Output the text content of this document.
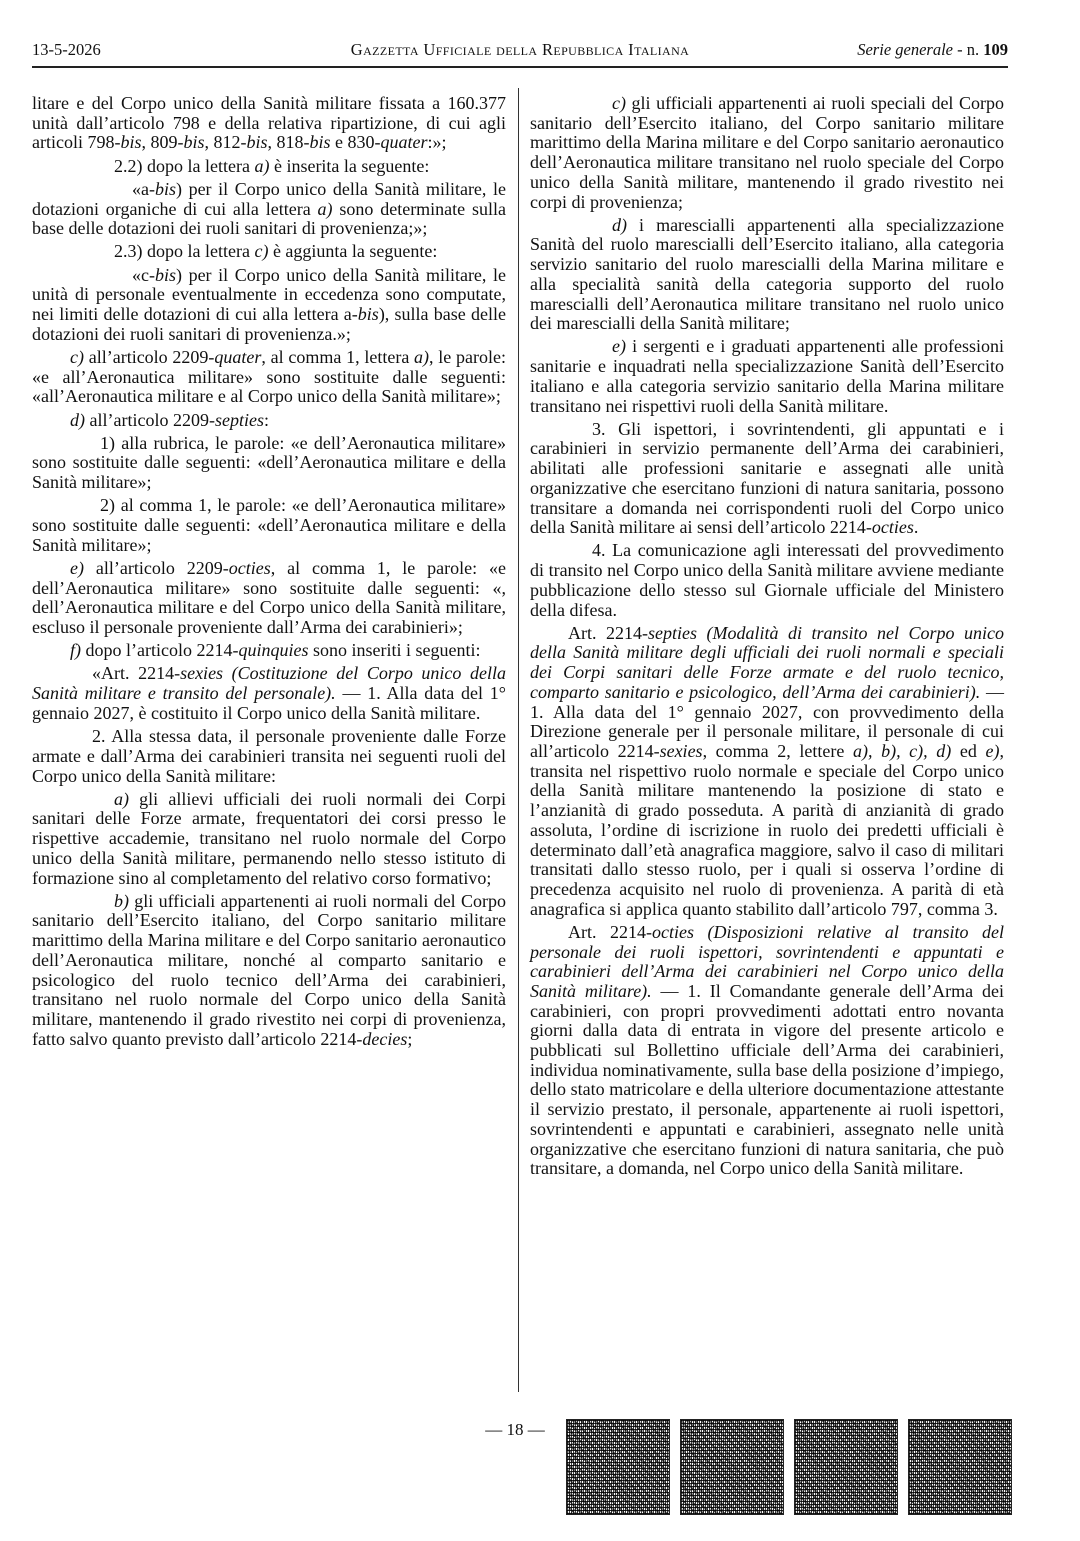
13-5-2026	Gazzetta Ufficiale della Repubblica Italiana	Serie generale - n. 109

litare e del Corpo unico della Sanità militare fissata a 160.377 unità dall’articolo 798 e della relativa ripartizione, di cui agli articoli 798-bis, 809-bis, 812-bis, 818-bis e 830-quater:»;

2.2) dopo la lettera a) è inserita la seguente:

«a-bis) per il Corpo unico della Sanità militare, le dotazioni organiche di cui alla lettera a) sono determinate sulla base delle dotazioni dei ruoli sanitari di provenienza;»;

2.3) dopo la lettera c) è aggiunta la seguente:

«c-bis) per il Corpo unico della Sanità militare, le unità di personale eventualmente in eccedenza sono computate, nei limiti delle dotazioni di cui alla lettera a-bis), sulla base delle dotazioni dei ruoli sanitari di provenienza.»;

c) all’articolo 2209-quater, al comma 1, lettera a), le parole: «e all’Aeronautica militare» sono sostituite dalle seguenti: «all’Aeronautica militare e al Corpo unico della Sanità militare»;

d) all’articolo 2209-septies:

1) alla rubrica, le parole: «e dell’Aeronautica militare» sono sostituite dalle seguenti: «dell’Aeronautica militare e della Sanità militare»;

2) al comma 1, le parole: «e dell’Aeronautica militare» sono sostituite dalle seguenti: «dell’Aeronautica militare e della Sanità militare»;

e) all’articolo 2209-octies, al comma 1, le parole: «e dell’Aeronautica militare» sono sostituite dalle seguenti: «, dell’Aeronautica militare e del Corpo unico della Sanità militare, escluso il personale proveniente dall’Arma dei carabinieri»;

f) dopo l’articolo 2214-quinquies sono inseriti i seguenti:

«Art. 2214-sexies (Costituzione del Corpo unico della Sanità militare e transito del personale). — 1. Alla data del 1° gennaio 2027, è costituito il Corpo unico della Sanità militare.

2. Alla stessa data, il personale proveniente dalle Forze armate e dall’Arma dei carabinieri transita nei seguenti ruoli del Corpo unico della Sanità militare:

a) gli allievi ufficiali dei ruoli normali dei Corpi sanitari delle Forze armate, frequentatori dei corsi presso le rispettive accademie, transitano nel ruolo normale del Corpo unico della Sanità militare, permanendo nello stesso istituto di formazione sino al completamento del relativo corso formativo;

b) gli ufficiali appartenenti ai ruoli normali del Corpo sanitario dell’Esercito italiano, del Corpo sanitario militare marittimo della Marina militare e del Corpo sanitario aeronautico dell’Aeronautica militare, nonché al comparto sanitario e psicologico del ruolo tecnico dell’Arma dei carabinieri, transitano nel ruolo normale del Corpo unico della Sanità militare, mantenendo il grado rivestito nei corpi di provenienza, fatto salvo quanto previsto dall’articolo 2214-decies;

c) gli ufficiali appartenenti ai ruoli speciali del Corpo sanitario dell’Esercito italiano, del Corpo sanitario militare marittimo della Marina militare e del Corpo sanitario aeronautico dell’Aeronautica militare transitano nel ruolo speciale del Corpo unico della Sanità militare, mantenendo il grado rivestito nei corpi di provenienza;

d) i marescialli appartenenti alla specializzazione Sanità del ruolo marescialli dell’Esercito italiano, alla categoria servizio sanitario del ruolo marescialli della Marina militare e alla specialità sanità della categoria supporto del ruolo marescialli dell’Aeronautica militare transitano nel ruolo unico dei marescialli della Sanità militare;

e) i sergenti e i graduati appartenenti alle professioni sanitarie e inquadrati nella specializzazione Sanità dell’Esercito italiano e alla categoria servizio sanitario della Marina militare transitano nei rispettivi ruoli della Sanità militare.

3. Gli ispettori, i sovrintendenti, gli appuntati e i carabinieri in servizio permanente dell’Arma dei carabinieri, abilitati alle professioni sanitarie e assegnati alle unità organizzative che esercitano funzioni di natura sanitaria, possono transitare a domanda nei corrispondenti ruoli del Corpo unico della Sanità militare ai sensi dell’articolo 2214-octies.

4. La comunicazione agli interessati del provvedimento di transito nel Corpo unico della Sanità militare avviene mediante pubblicazione dello stesso sul Giornale ufficiale del Ministero della difesa.

Art. 2214-septies (Modalità di transito nel Corpo unico della Sanità militare degli ufficiali dei ruoli normali e speciali dei Corpi sanitari delle Forze armate e del ruolo tecnico, comparto sanitario e psicologico, dell’Arma dei carabinieri). — 1. Alla data del 1° gennaio 2027, con provvedimento della Direzione generale per il personale militare, il personale di cui all’articolo 2214-sexies, comma 2, lettere a), b), c), d) ed e), transita nel rispettivo ruolo normale e speciale del Corpo unico della Sanità militare mantenendo la posizione di stato e l’anzianità di grado posseduta. A parità di anzianità di grado assoluta, l’ordine di iscrizione in ruolo dei predetti ufficiali è determinato dall’età anagrafica maggiore, salvo il caso di militari transitati dallo stesso ruolo, per i quali si osserva l’ordine di precedenza acquisito nel ruolo di provenienza. A parità di età anagrafica si applica quanto stabilito dall’articolo 797, comma 3.

Art. 2214-octies (Disposizioni relative al transito del personale dei ruoli ispettori, sovrintendenti e appuntati e carabinieri dell’Arma dei carabinieri nel Corpo unico della Sanità militare). — 1. Il Comandante generale dell’Arma dei carabinieri, con propri provvedimenti adottati entro novanta giorni dalla data di entrata in vigore del presente articolo e pubblicati sul Bollettino ufficiale dell’Arma dei carabinieri, individua nominativamente, sulla base della posizione d’impiego, dello stato matricolare e della ulteriore documentazione attestante il servizio prestato, il personale, appartenente ai ruoli ispettori, sovrintendenti e appuntati e carabinieri, assegnato nelle unità organizzative che esercitano funzioni di natura sanitaria, che può transitare, a domanda, nel Corpo unico della Sanità militare.

— 18 —
